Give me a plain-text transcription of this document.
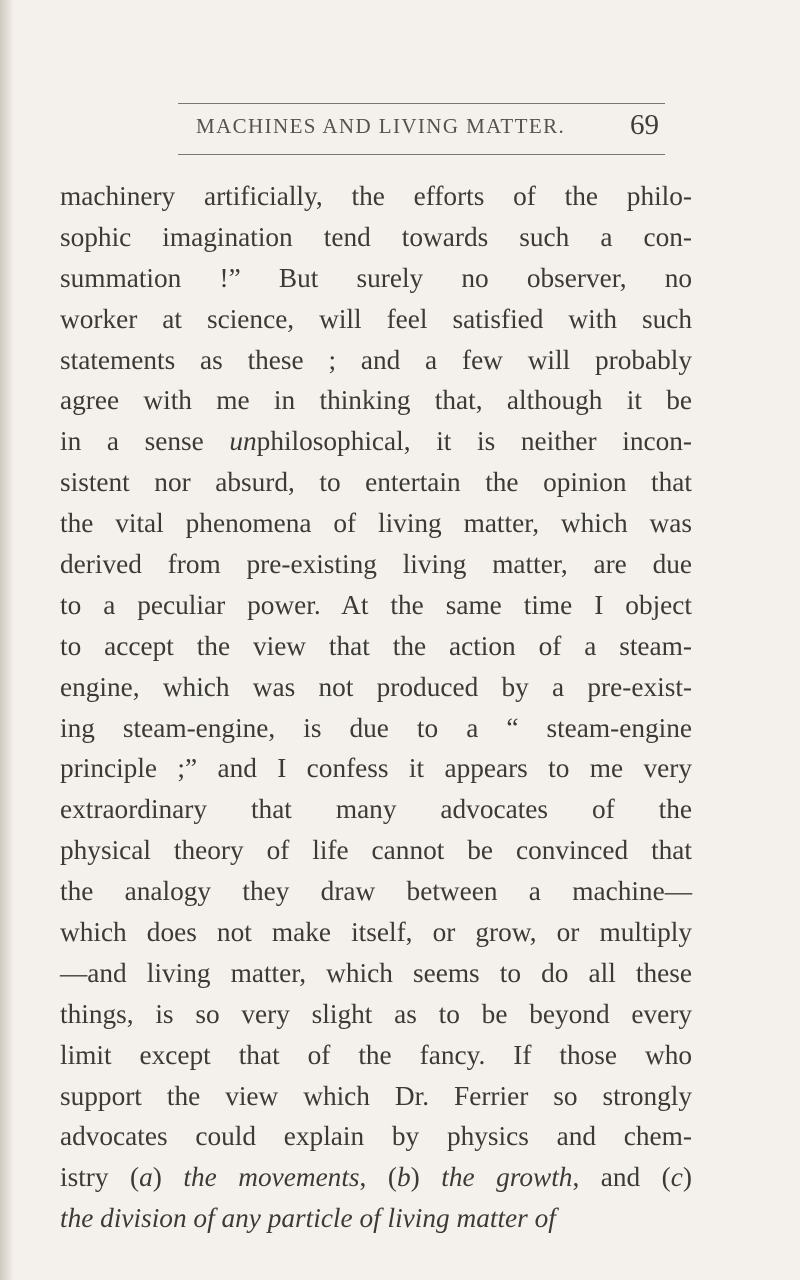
MACHINES AND LIVING MATTER. 69
machinery artificially, the efforts of the philo-
sophic imagination tend towards such a con-
summation !” But surely no observer, no
worker at science, will feel satisfied with such
statements as these ; and a few will probably
agree with me in thinking that, although it be
in a sense unphilosophical, it is neither incon-
sistent nor absurd, to entertain the opinion that
the vital phenomena of living matter, which was
derived from pre-existing living matter, are due
to a peculiar power. At the same time I object
to accept the view that the action of a steam-
engine, which was not produced by a pre-exist-
ing steam-engine, is due to a “ steam-engine
principle ;” and I confess it appears to me very
extraordinary that many advocates of the
physical theory of life cannot be convinced that
the analogy they draw between a machine—
which does not make itself, or grow, or multiply
—and living matter, which seems to do all these
things, is so very slight as to be beyond every
limit except that of the fancy. If those who
support the view which Dr. Ferrier so strongly
advocates could explain by physics and chem-
istry (a) the movements, (b) the growth, and (c)
the division of any particle of living matter of
